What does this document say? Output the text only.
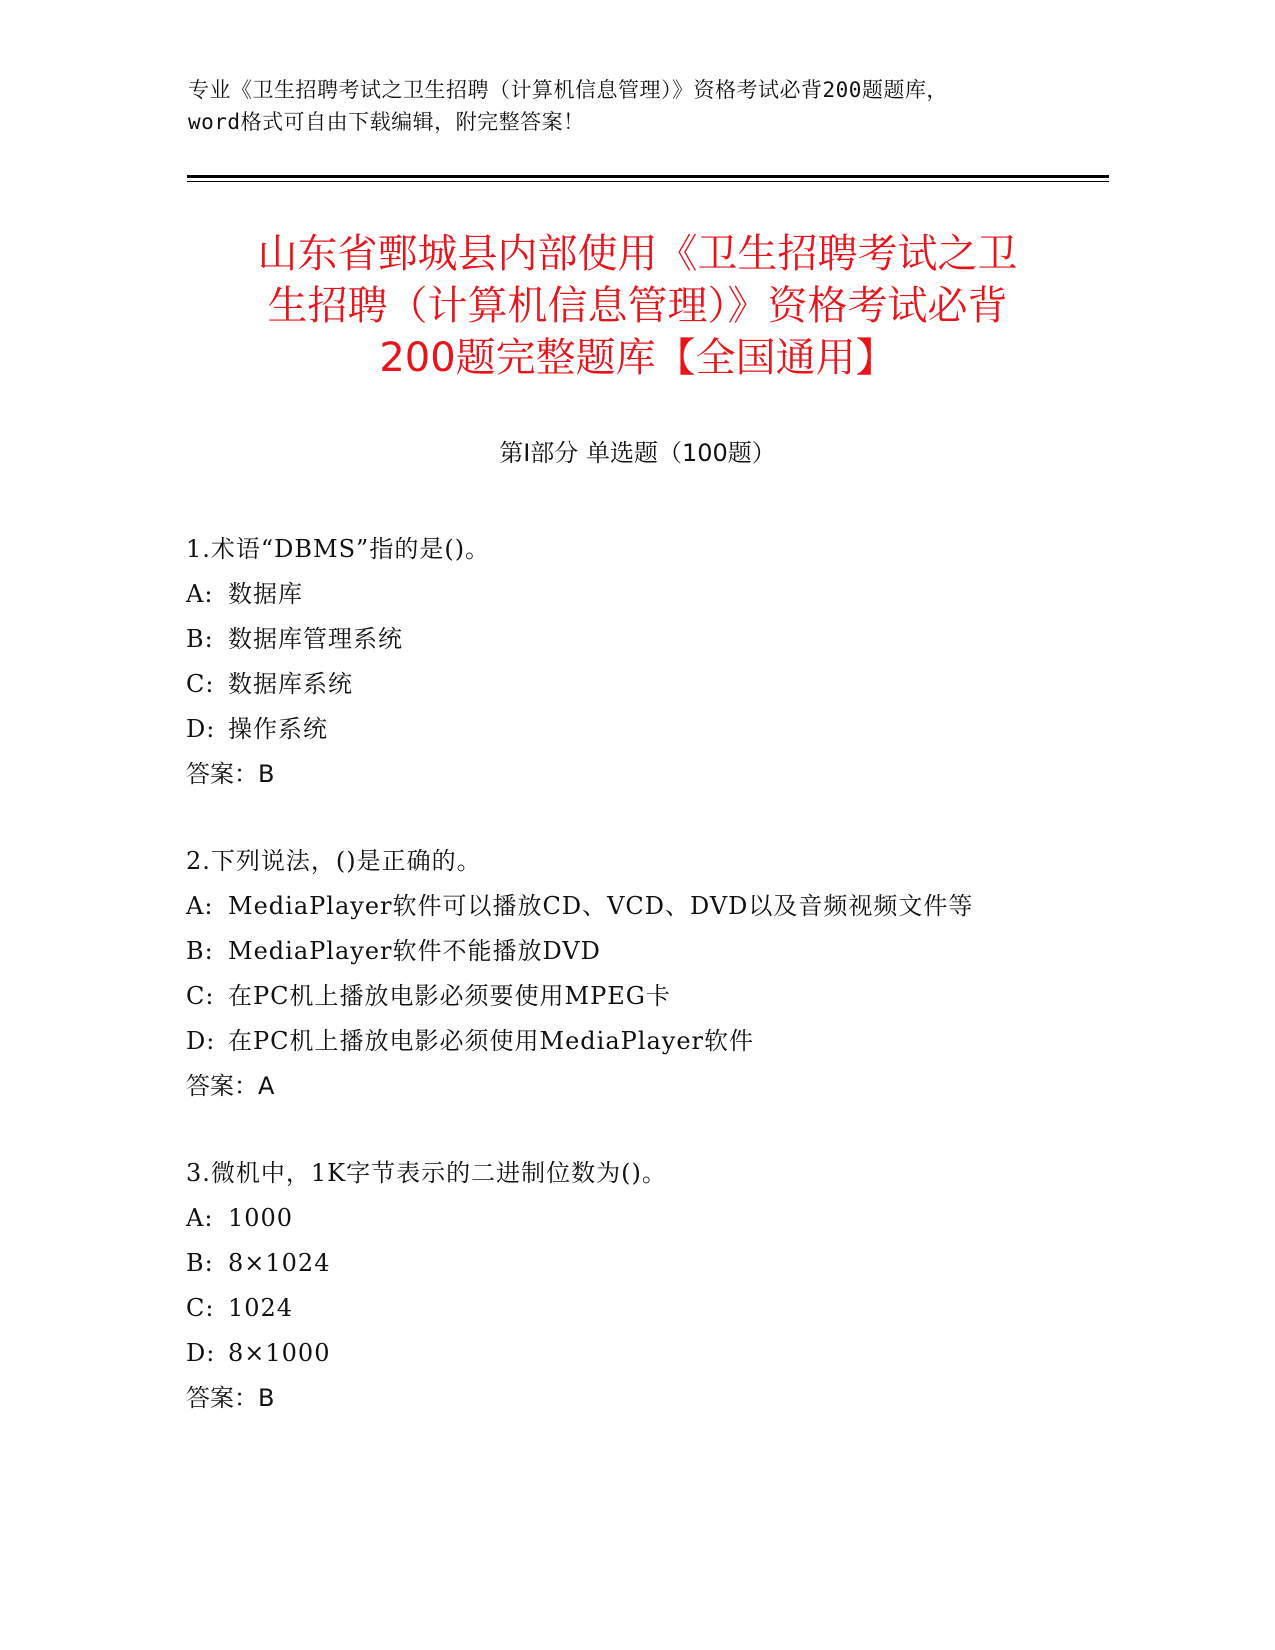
专业《卫生招聘考试之卫生招聘（计算机信息管理）》资格考试必背200题题库，
word格式可自由下载编辑，附完整答案！
山东省鄄城县内部使用《卫生招聘考试之卫
生招聘（计算机信息管理）》资格考试必背
200题完整题库【全国通用】
第Ⅰ部分 单选题（100题）
1.术语“DBMS”指的是()。
A: 数据库
B: 数据库管理系统
C: 数据库系统
D: 操作系统
答案：B
2.下列说法，()是正确的。
A: MediaPlayer软件可以播放CD、VCD、DVD以及音频视频文件等
B: MediaPlayer软件不能播放DVD
C: 在PC机上播放电影必须要使用MPEG卡
D: 在PC机上播放电影必须使用MediaPlayer软件
答案：A
3.微机中，1K字节表示的二进制位数为()。
A: 1000
B: 8×1024
C: 1024
D: 8×1000
答案：B
